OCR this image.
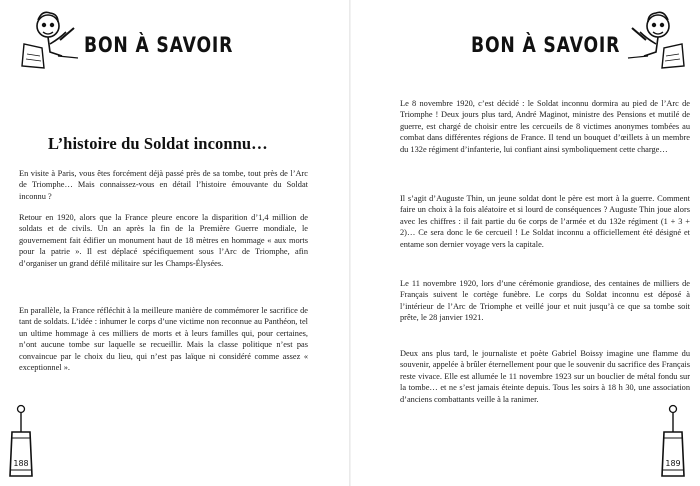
BON À SAVOIR
L’histoire du Soldat inconnu…

En visite à Paris, vous êtes forcément déjà passé près de sa tombe, tout près de l’Arc de Triomphe… Mais connaissez-vous en détail l’histoire émouvante du Soldat inconnu ?

Retour en 1920, alors que la France pleure encore la disparition d’1,4 million de soldats et de civils. Un an après la fin de la Première Guerre mondiale, le gouvernement fait édifier un monument haut de 18 mètres en hommage « aux morts pour la patrie ». Il est déplacé spécifiquement sous l’Arc de Triomphe, afin d’organiser un grand défilé militaire sur les Champs-Élysées.

En parallèle, la France réfléchit à la meilleure manière de commémorer le sacrifice de tant de soldats. L’idée : inhumer le corps d’une victime non reconnue au Panthéon, tel un ultime hommage à ces milliers de morts et à leurs familles qui, pour certaines, n’ont aucune tombe sur laquelle se recueillir. Mais la classe politique n’est pas convaincue par le choix du lieu, qui n’est pas laïque ni considéré comme assez « exceptionnel ».

188
BON À SAVOIR

Le 8 novembre 1920, c’est décidé : le Soldat inconnu dormira au pied de l’Arc de Triomphe ! Deux jours plus tard, André Maginot, ministre des Pensions et mutilé de guerre, est chargé de choisir entre les cercueils de 8 victimes anonymes tombées au combat dans différentes régions de France. Il tend un bouquet d’œillets à un membre du 132e régiment d’infanterie, lui confiant ainsi symboliquement cette charge…

Il s’agit d’Auguste Thin, un jeune soldat dont le père est mort à la guerre. Comment faire un choix à la fois aléatoire et si lourd de conséquences ? Auguste Thin joue alors avec les chiffres : il fait partie du 6e corps de l’armée et du 132e régiment (1 + 3 + 2)… Ce sera donc le 6e cercueil ! Le Soldat inconnu a officiellement été désigné et entame son dernier voyage vers la capitale.

Le 11 novembre 1920, lors d’une cérémonie grandiose, des centaines de milliers de Français suivent le cortège funèbre. Le corps du Soldat inconnu est déposé à l’intérieur de l’Arc de Triomphe et veillé jour et nuit jusqu’à ce que sa tombe soit prête, le 28 janvier 1921.

Deux ans plus tard, le journaliste et poète Gabriel Boissy imagine une flamme du souvenir, appelée à brûler éternellement pour que le souvenir du sacrifice des Français reste vivace. Elle est allumée le 11 novembre 1923 sur un bouclier de métal fondu sur la tombe… et ne s’est jamais éteinte depuis. Tous les soirs à 18 h 30, une association d’anciens combattants veille à la ranimer.

189
